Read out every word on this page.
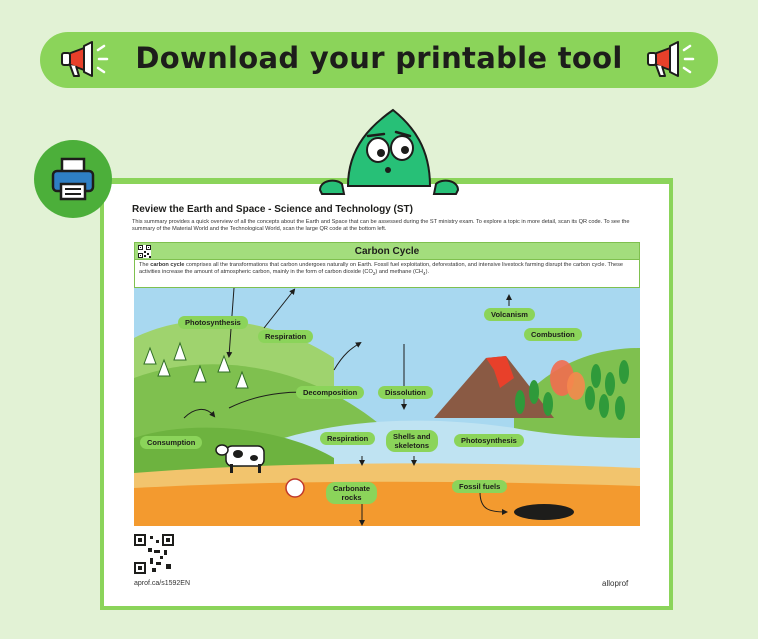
Download your printable tool
Review the Earth and Space - Science and Technology (ST)
This summary provides a quick overview of all the concepts about the Earth and Space that can be assessed during the ST ministry exam. To explore a topic in more detail, scan its QR code. To see the summary of the Material World and the Technological World, scan the large QR code at the bottom left.
Carbon Cycle
The carbon cycle comprises all the transformations that carbon undergoes naturally on Earth. Fossil fuel exploitation, deforestation, and intensive livestock farming disrupt the carbon cycle. These activities increase the amount of atmospheric carbon, mainly in the form of carbon dioxide $(CO_2)$ and methane $(CH_4)$.
Photosynthesis
Respiration
Volcanism
Combustion
Decomposition	Dissolution
Consumption	Respiration	Shells and
skeletons
Photosynthesis
Carbonate
rocks
Fossil fuels
aprof.ca/s1592EN	alloprof
